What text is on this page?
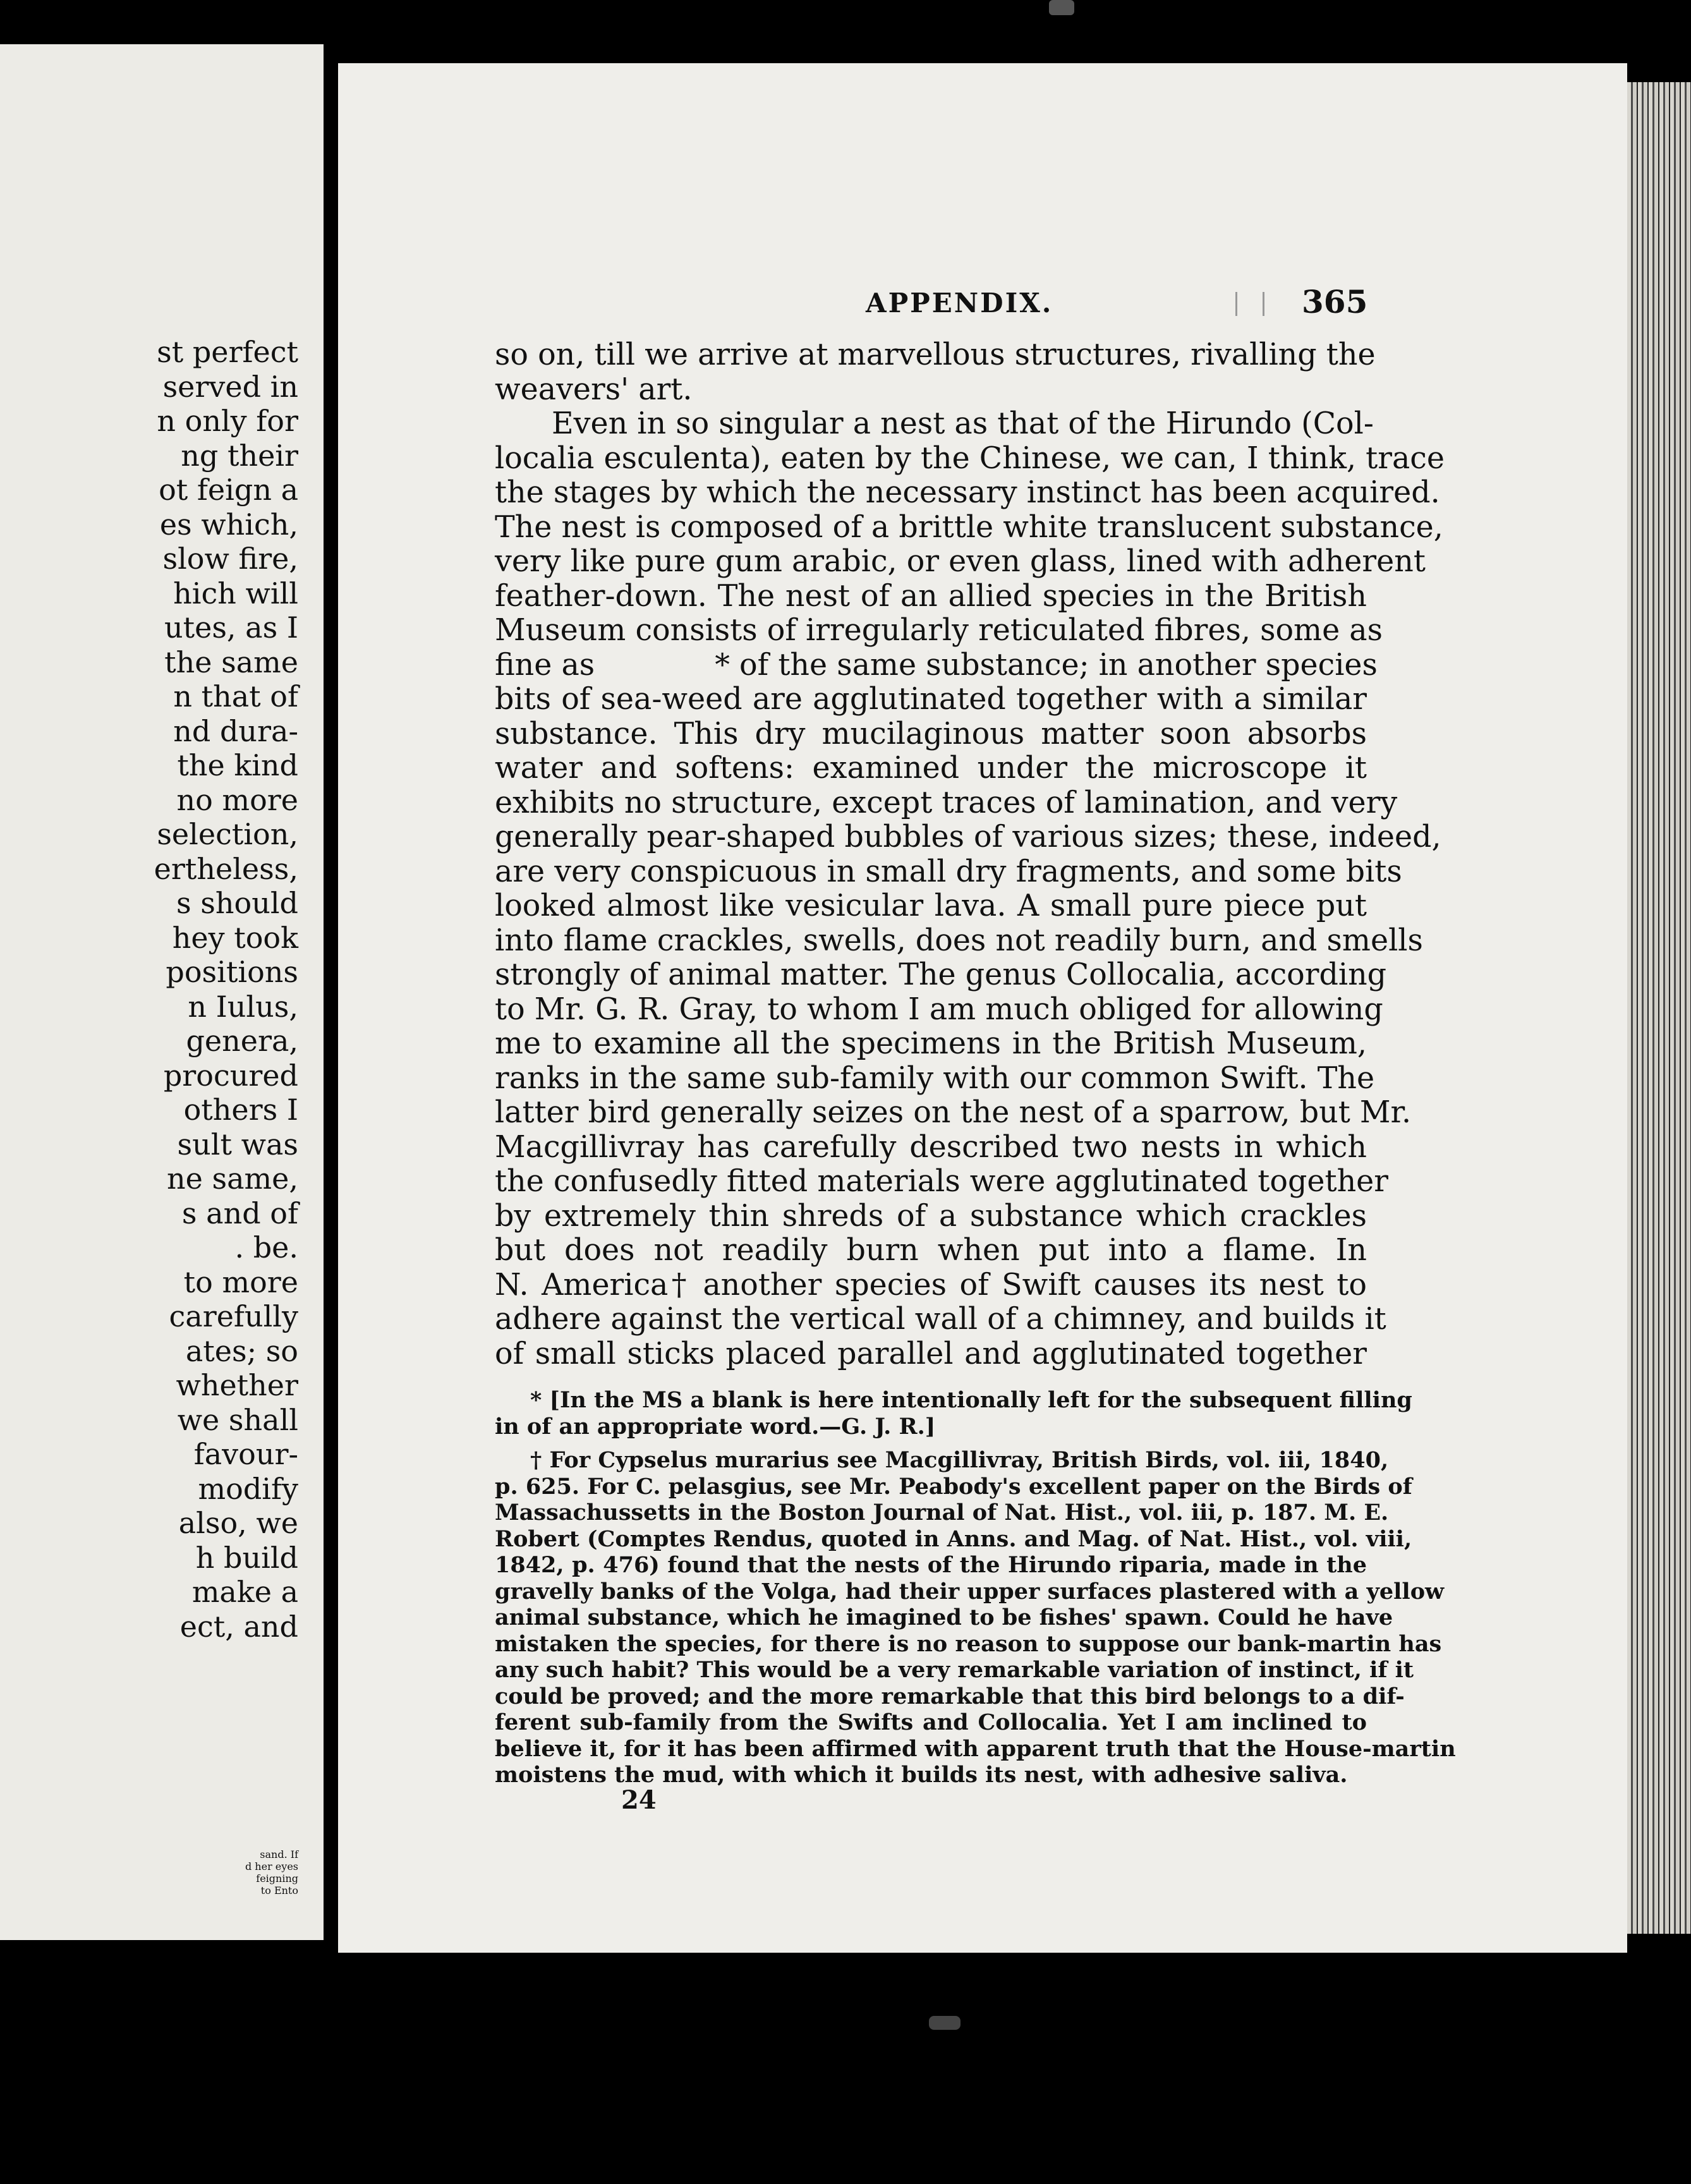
st perfect
served in
n only for
ng their
ot feign a
es which,
slow fire,
hich will
utes, as I
the same
n that of
nd dura-
the kind
no more
selection,
ertheless,
s should
hey took
positions
n Iulus,
genera,
procured
others I
sult was
ne same,
s and of
. be.
to more
carefully
ates; so
whether
we shall
favour-
modify
also, we
h build
make a
ect, and
sand. If
d her eyes
feigning
to Ento
APPENDIX.	365
so on, till we arrive at marvellous structures, rivalling the
weavers' art.
Even in so singular a nest as that of the Hirundo (Col-
localia esculenta), eaten by the Chinese, we can, I think, trace
the stages by which the necessary instinct has been acquired.
The nest is composed of a brittle white translucent substance,
very like pure gum arabic, or even glass, lined with adherent
feather-down. The nest of an allied species in the British
Museum consists of irregularly reticulated fibres, some as
fine as	* of the same substance; in another species
bits of sea-weed are agglutinated together with a similar
substance. This dry mucilaginous matter soon absorbs
water and softens: examined under the microscope it
exhibits no structure, except traces of lamination, and very
generally pear-shaped bubbles of various sizes; these, indeed,
are very conspicuous in small dry fragments, and some bits
looked almost like vesicular lava. A small pure piece put
into flame crackles, swells, does not readily burn, and smells
strongly of animal matter. The genus Collocalia, according
to Mr. G. R. Gray, to whom I am much obliged for allowing
me to examine all the specimens in the British Museum,
ranks in the same sub-family with our common Swift. The
latter bird generally seizes on the nest of a sparrow, but Mr.
Macgillivray has carefully described two nests in which
the confusedly fitted materials were agglutinated together
by extremely thin shreds of a substance which crackles
but does not readily burn when put into a flame. In
N. America† another species of Swift causes its nest to
adhere against the vertical wall of a chimney, and builds it
of small sticks placed parallel and agglutinated together
* [In the MS a blank is here intentionally left for the subsequent filling
in of an appropriate word.—G. J. R.]
† For Cypselus murarius see Macgillivray, British Birds, vol. iii, 1840,
p. 625. For C. pelasgius, see Mr. Peabody's excellent paper on the Birds of
Massachussetts in the Boston Journal of Nat. Hist., vol. iii, p. 187. M. E.
Robert (Comptes Rendus, quoted in Anns. and Mag. of Nat. Hist., vol. viii,
1842, p. 476) found that the nests of the Hirundo riparia, made in the
gravelly banks of the Volga, had their upper surfaces plastered with a yellow
animal substance, which he imagined to be fishes' spawn. Could he have
mistaken the species, for there is no reason to suppose our bank-martin has
any such habit? This would be a very remarkable variation of instinct, if it
could be proved; and the more remarkable that this bird belongs to a dif-
ferent sub-family from the Swifts and Collocalia. Yet I am inclined to
believe it, for it has been affirmed with apparent truth that the House-martin
moistens the mud, with which it builds its nest, with adhesive saliva.
24
